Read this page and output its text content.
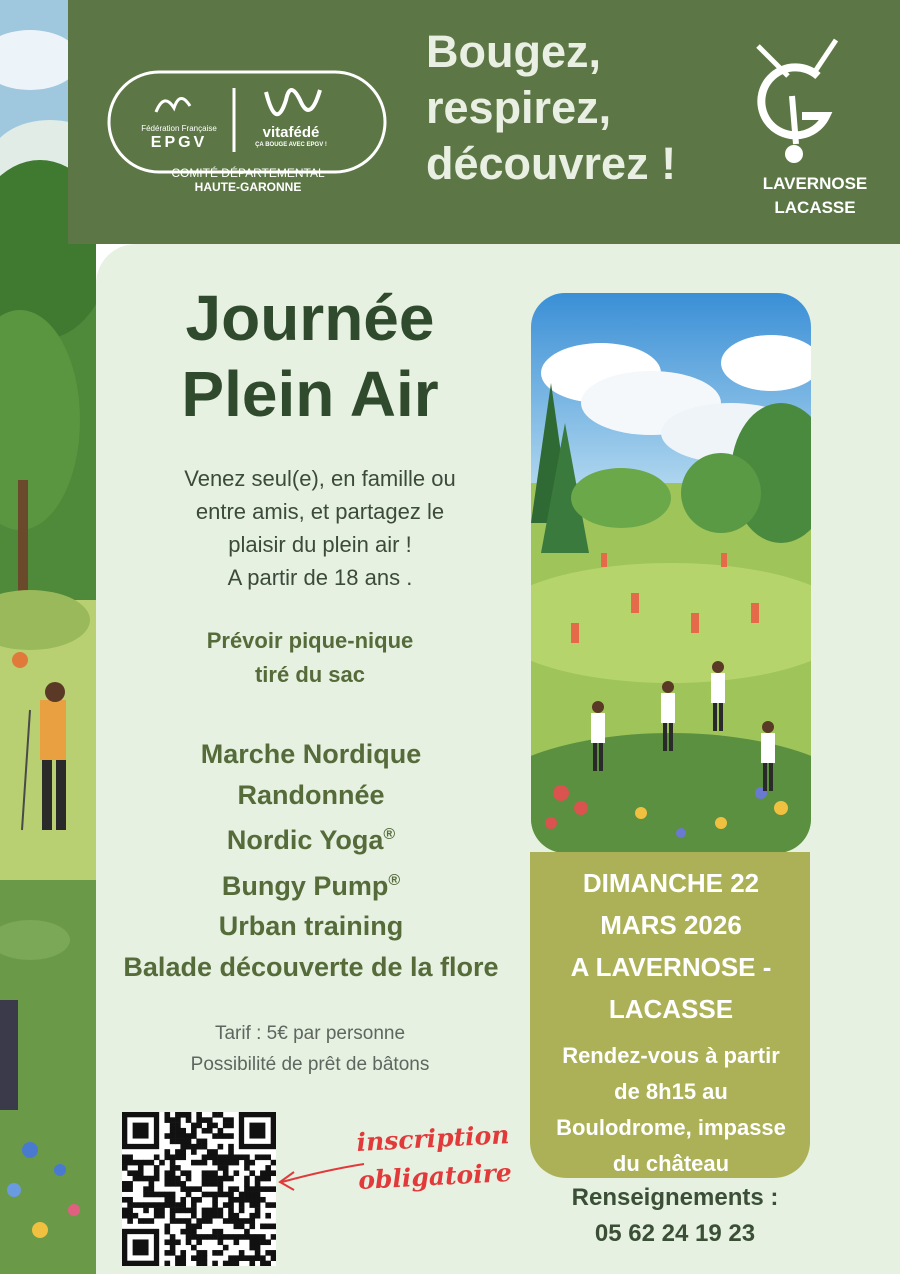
Fédération Française
EPGV
vitafédé
ÇA BOUGE AVEC EPGV !
COMITÉ DÉPARTEMENTAL
HAUTE-GARONNE
Bougez,
respirez,
découvrez !	LAVERNOSE
LACASSE
Journée
Plein Air
Venez seul(e), en famille ou
entre amis, et partagez le
plaisir du plein air !
A partir de 18 ans .
Prévoir pique-nique
tiré du sac
Marche Nordique
Randonnée
Nordic Yoga®
Bungy Pump®
Urban training
Balade découverte de la flore
Tarif : 5€ par personne
Possibilité de prêt de bâtons
inscription
obligatoire
DIMANCHE 22
MARS 2026
A LAVERNOSE -
LACASSE
Rendez-vous à partir
de 8h15 au
Boulodrome, impasse
du château
Renseignements :
05 62 24 19 23
